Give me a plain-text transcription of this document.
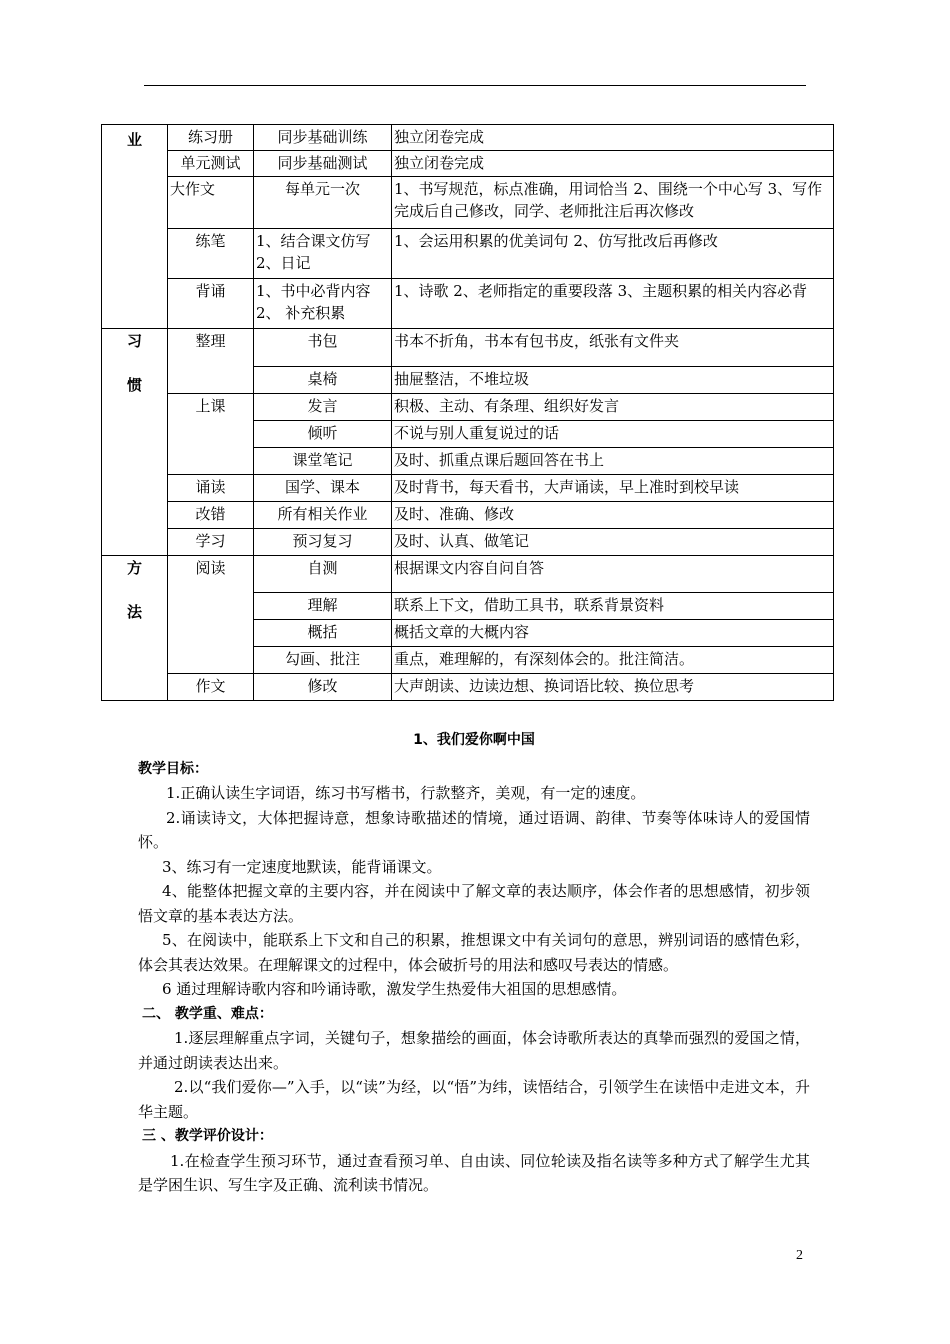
业	练习册	同步基础训练	独立闭卷完成
	单元测试	同步基础测试	独立闭卷完成
	大作文	每单元一次	1、书写规范，标点准确，用词恰当 2、围绕一个中心写 3、写作完成后自己修改，同学、老师批注后再次修改
	练笔	1、结合课文仿写 2、日记	1、会运用积累的优美词句 2、仿写批改后再修改
	背诵	1、书中必背内容 2、 补充积累	1、诗歌 2、老师指定的重要段落 3、主题积累的相关内容必背

习
惯	整理	书包	书本不折角，书本有包书皮，纸张有文件夹
		桌椅	抽屉整洁，不堆垃圾
	上课	发言	积极、主动、有条理、组织好发言
		倾听	不说与别人重复说过的话
		课堂笔记	及时、抓重点课后题回答在书上
	诵读	国学、课本	及时背书，每天看书，大声诵读，早上准时到校早读
	改错	所有相关作业	及时、准确、修改
	学习	预习复习	及时、认真、做笔记

方
法	阅读	自测	根据课文内容自问自答
		理解	联系上下文，借助工具书，联系背景资料
		概括	概括文章的大概内容
		勾画、批注	重点，难理解的，有深刻体会的。批注简洁。
	作文	修改	大声朗读、边读边想、换词语比较、换位思考

1、我们爱你啊中国

教学目标：

1.正确认读生字词语，练习书写楷书，行款整齐，美观，有一定的速度。

2.诵读诗文，大体把握诗意，想象诗歌描述的情境，通过语调、韵律、节奏等体味诗人的爱国情怀。

3、练习有一定速度地默读，能背诵课文。

4、能整体把握文章的主要内容，并在阅读中了解文章的表达顺序，体会作者的思想感情，初步领悟文章的基本表达方法。

5、在阅读中，能联系上下文和自己的积累，推想课文中有关词句的意思，辨别词语的感情色彩，体会其表达效果。在理解课文的过程中，体会破折号的用法和感叹号表达的情感。

6 通过理解诗歌内容和吟诵诗歌，激发学生热爱伟大祖国的思想感情。

二、 教学重、难点：

1.逐层理解重点字词，关键句子，想象描绘的画面，体会诗歌所表达的真挚而强烈的爱国之情，并通过朗读表达出来。

2.以“我们爱你—”入手，以“读”为经，以“悟”为纬，读悟结合，引领学生在读悟中走进文本，升华主题。

三 、教学评价设计：

1.在检查学生预习环节，通过查看预习单、自由读、同位轮读及指名读等多种方式了解学生尤其是学困生识、写生字及正确、流利读书情况。

2
